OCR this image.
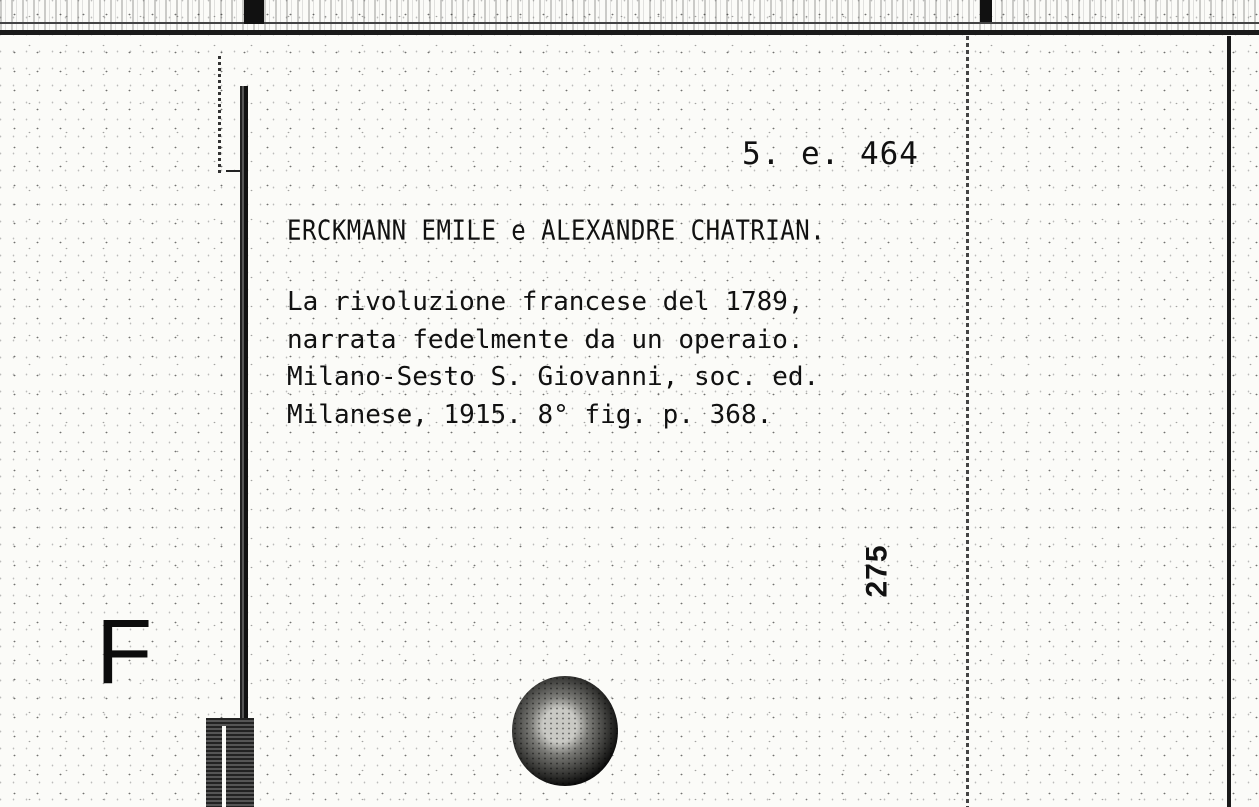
5. e. 464
ERCKMANN EMILE e ALEXANDRE CHATRIAN.
La rivoluzione francese del 1789,
narrata fedelmente da un operaio.
Milano-Sesto S. Giovanni, soc. ed.
Milanese, 1915. 8° fig. p. 368.
275
F
